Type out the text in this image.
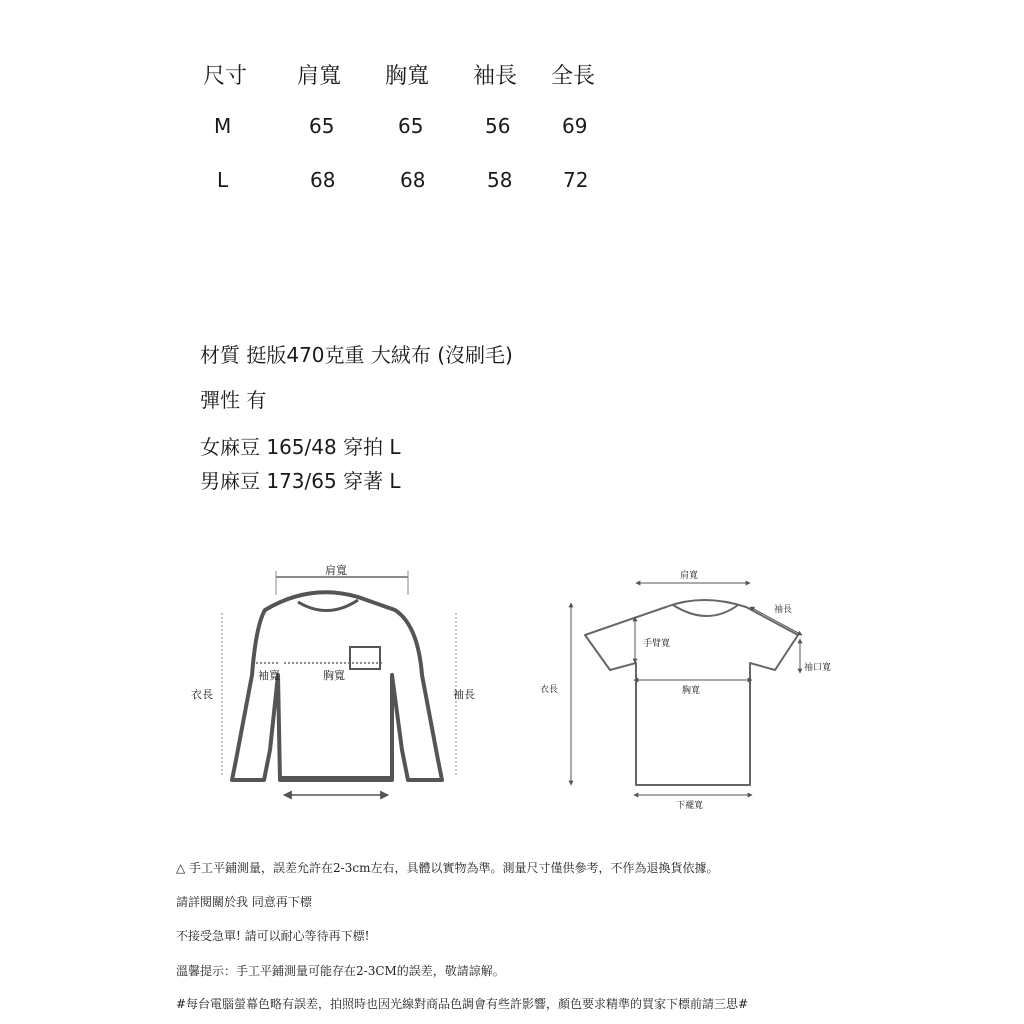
尺寸 肩寬 胸寬 袖長 全長
M	65	65	56	69
L	68	68	58	72
材質 挺版470克重 大絨布 (沒刷毛)
彈性 有
女麻豆 165/48 穿拍 L
男麻豆 173/65 穿著 L
肩寬
袖寬	胸寬
衣長	袖長
肩寬
袖長
手臂寬
袖口寬
衣長	胸寬
下襬寬
△ 手工平鋪測量，誤差允許在2-3cm左右，具體以實物為準。測量尺寸僅供參考，不作為退換貨依據。
請詳閱關於我 同意再下標
不接受急單! 請可以耐心等待再下標!
溫馨提示：手工平鋪測量可能存在2-3CM的誤差，敬請諒解。
#每台電腦螢幕色略有誤差，拍照時也因光線對商品色調會有些許影響，顏色要求精準的買家下標前請三思#
